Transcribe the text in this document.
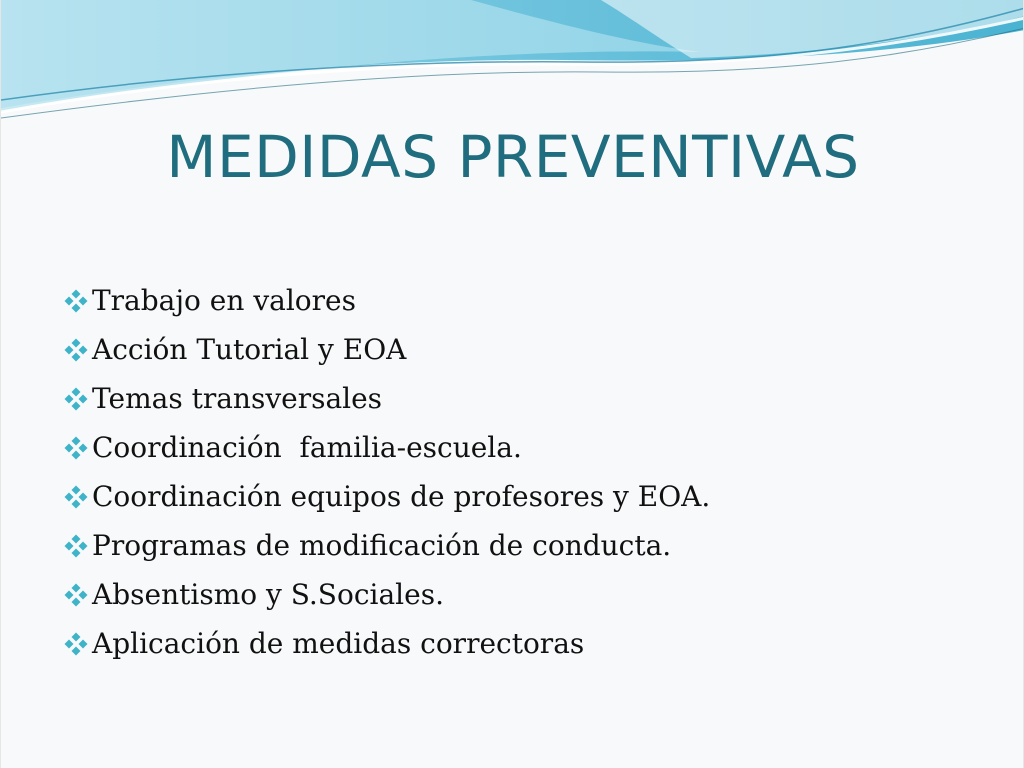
MEDIDAS PREVENTIVAS
Trabajo en valores
Acción Tutorial y EOA
Temas transversales
Coordinación  familia-escuela.
Coordinación equipos de profesores y EOA.
Programas de modificación de conducta.
Absentismo y S.Sociales.
Aplicación de medidas correctoras
